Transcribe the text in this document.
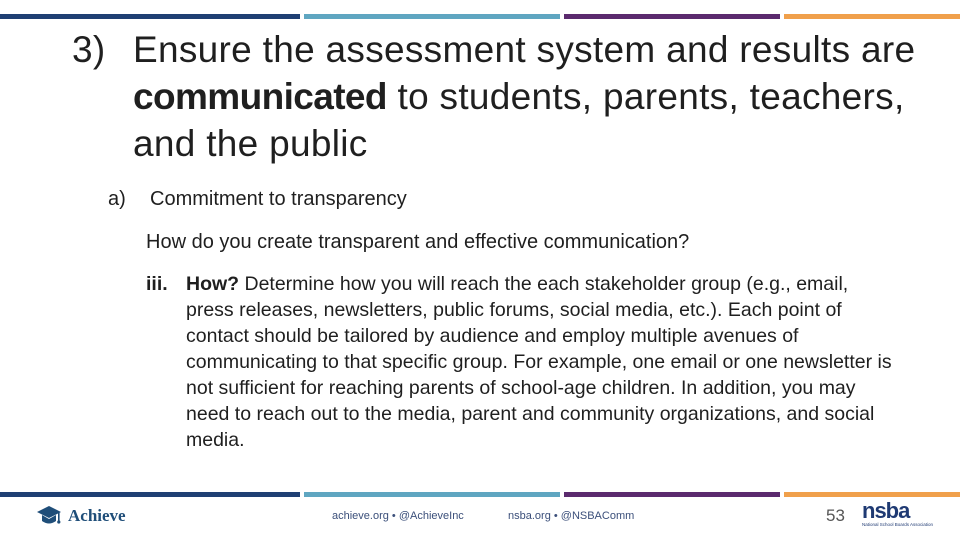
3) Ensure the assessment system and results are communicated to students, parents, teachers, and the public
a) Commitment to transparency
How do you create transparent and effective communication?
iii. How? Determine how you will reach the each stakeholder group (e.g., email, press releases, newsletters, public forums, social media, etc.). Each point of contact should be tailored by audience and employ multiple avenues of communicating to that specific group. For example, one email or one newsletter is not sufficient for reaching parents of school-age children. In addition, you may need to reach out to the media, parent and community organizations, and social media.
Achieve	achieve.org • @AchieveInc	nsba.org • @NSBAComm	53 nsba
National School Boards Association
